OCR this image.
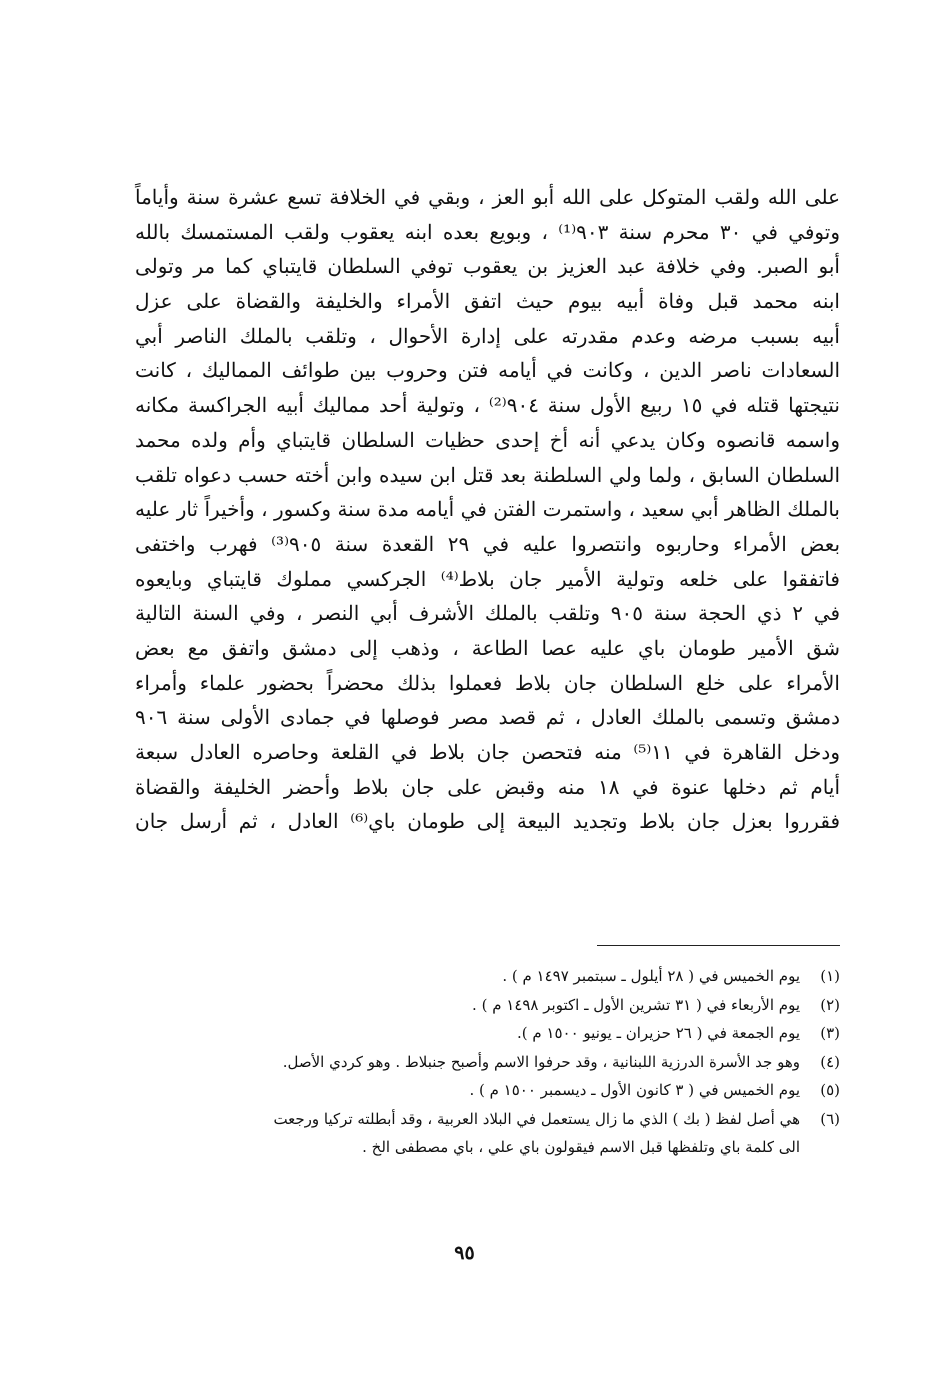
على الله ولقب المتوكل على الله أبو العز ، وبقي في الخلافة تسع عشرة سنة وأياماً
وتوفي في ٣٠ محرم سنة ٩٠٣⁽¹⁾ ، وبويع بعده ابنه يعقوب ولقب المستمسك بالله
أبو الصبر. وفي خلافة عبد العزيز بن يعقوب توفي السلطان قايتباي كما مر وتولى
ابنه محمد قبل وفاة أبيه بيوم حيث اتفق الأمراء والخليفة والقضاة على عزل
أبيه بسبب مرضه وعدم مقدرته على إدارة الأحوال ، وتلقب بالملك الناصر أبي
السعادات ناصر الدين ، وكانت في أيامه فتن وحروب بين طوائف المماليك ، كانت
نتيجتها قتله في ١٥ ربيع الأول سنة ٩٠٤⁽²⁾ ، وتولية أحد مماليك أبيه الجراكسة مكانه
واسمه قانصوه وكان يدعي أنه أخ إحدى حظيات السلطان قايتباي وأم ولده محمد
السلطان السابق ، ولما ولي السلطنة بعد قتل ابن سيده وابن أخته حسب دعواه تلقب
بالملك الظاهر أبي سعيد ، واستمرت الفتن في أيامه مدة سنة وكسور ، وأخيراً ثار عليه
بعض الأمراء وحاربوه وانتصروا عليه في ٢٩ القعدة سنة ٩٠٥⁽³⁾ فهرب واختفى
فاتفقوا على خلعه وتولية الأمير جان بلاط⁽⁴⁾ الجركسي مملوك قايتباي وبايعوه
في ٢ ذي الحجة سنة ٩٠٥ وتلقب بالملك الأشرف أبي النصر ، وفي السنة التالية
شق الأمير طومان باي عليه عصا الطاعة ، وذهب إلى دمشق واتفق مع بعض
الأمراء على خلع السلطان جان بلاط فعملوا بذلك محضراً بحضور علماء وأمراء
دمشق وتسمى بالملك العادل ، ثم قصد مصر فوصلها في جمادى الأولى سنة ٩٠٦
ودخل القاهرة في ١١⁽⁵⁾ منه فتحصن جان بلاط في القلعة وحاصره العادل سبعة
أيام ثم دخلها عنوة في ١٨ منه وقبض على جان بلاط وأحضر الخليفة والقضاة
فقرروا بعزل جان بلاط وتجديد البيعة إلى طومان باي⁽⁶⁾ العادل ، ثم أرسل جان
(١)
يوم الخميس في ( ٢٨ أيلول ـ سبتمبر ١٤٩٧ م ) .
(٢)
يوم الأربعاء في ( ٣١ تشرين الأول ـ اكتوبر ١٤٩٨ م ) .
(٣)
يوم الجمعة في ( ٢٦ حزيران ـ يونيو ١٥٠٠ م ).
(٤)
وهو جد الأسرة الدرزية اللبنانية ، وقد حرفوا الاسم وأصبح جنبلاط . وهو كردي الأصل.
(٥)
يوم الخميس في ( ٣ كانون الأول ـ ديسمبر ١٥٠٠ م ) .
(٦)
هي أصل لفظ ( بك ) الذي ما زال يستعمل في البلاد العربية ، وقد أبطلته تركيا ورجعت
الى كلمة باي وتلفظها قبل الاسم فيقولون باي علي ، باي مصطفى الخ .
٩٥
